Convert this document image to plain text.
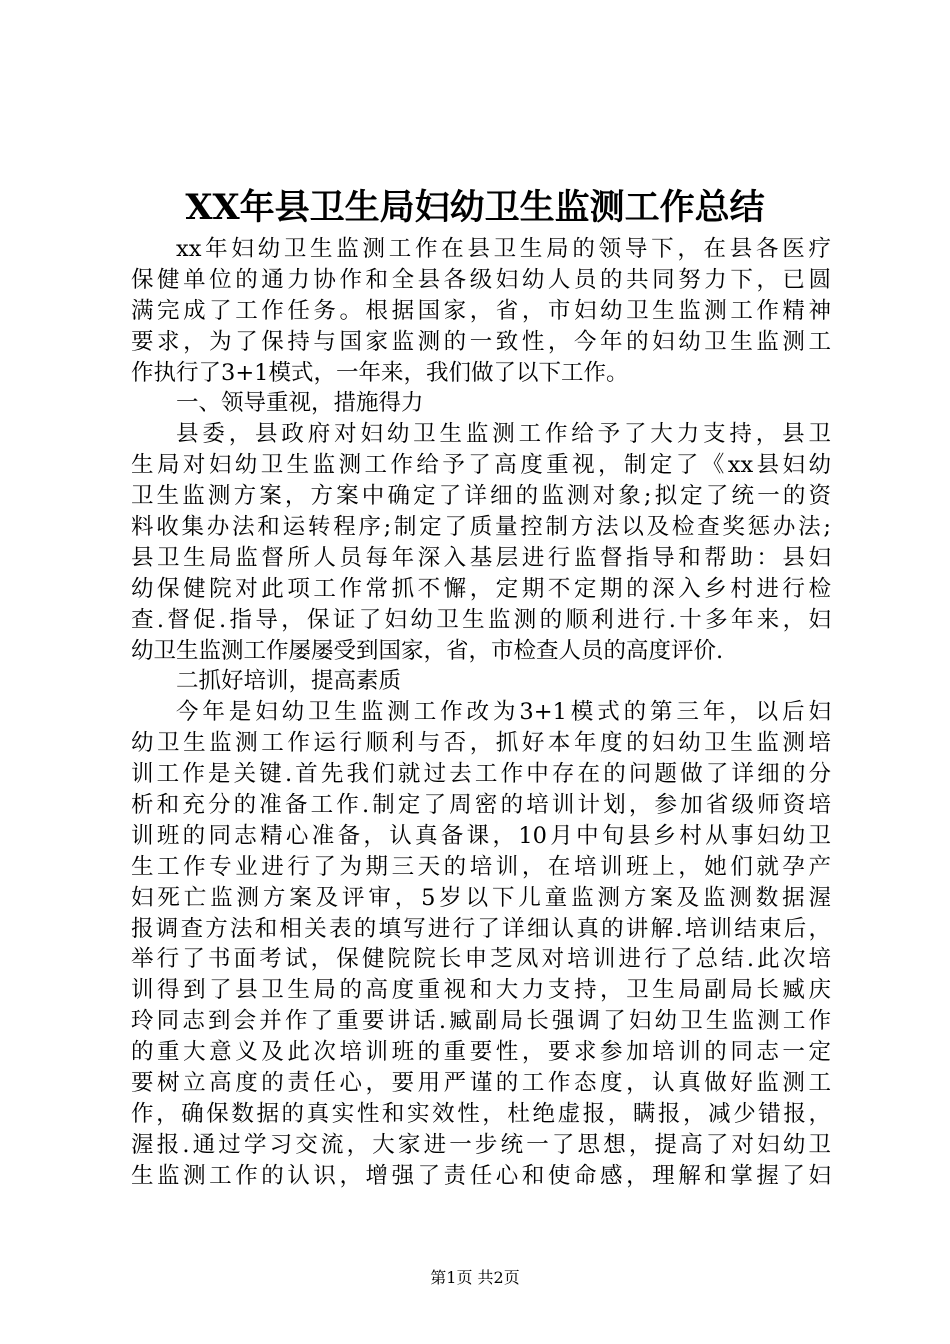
XX年县卫生局妇幼卫生监测工作总结
xx年妇幼卫生监测工作在县卫生局的领导下，在县各医疗
保健单位的通力协作和全县各级妇幼人员的共同努力下，已圆
满完成了工作任务。根据国家，省，市妇幼卫生监测工作精神
要求，为了保持与国家监测的一致性，今年的妇幼卫生监测工
作执行了3+1模式，一年来，我们做了以下工作。
一、领导重视，措施得力
县委，县政府对妇幼卫生监测工作给予了大力支持，县卫
生局对妇幼卫生监测工作给予了高度重视，制定了《xx县妇幼
卫生监测方案，方案中确定了详细的监测对象;拟定了统一的资
料收集办法和运转程序;制定了质量控制方法以及检查奖惩办法;
县卫生局监督所人员每年深入基层进行监督指导和帮助：县妇
幼保健院对此项工作常抓不懈，定期不定期的深入乡村进行检
查.督促.指导，保证了妇幼卫生监测的顺利进行.十多年来，妇
幼卫生监测工作屡屡受到国家，省，市检查人员的高度评价.
二抓好培训，提高素质
今年是妇幼卫生监测工作改为3+1模式的第三年，以后妇
幼卫生监测工作运行顺利与否，抓好本年度的妇幼卫生监测培
训工作是关键.首先我们就过去工作中存在的问题做了详细的分
析和充分的准备工作.制定了周密的培训计划，参加省级师资培
训班的同志精心准备，认真备课，10月中旬县乡村从事妇幼卫
生工作专业进行了为期三天的培训，在培训班上，她们就孕产
妇死亡监测方案及评审，5岁以下儿童监测方案及监测数据渥
报调查方法和相关表的填写进行了详细认真的讲解.培训结束后，
举行了书面考试，保健院院长申芝凤对培训进行了总结.此次培
训得到了县卫生局的高度重视和大力支持，卫生局副局长臧庆
玲同志到会并作了重要讲话.臧副局长强调了妇幼卫生监测工作
的重大意义及此次培训班的重要性，要求参加培训的同志一定
要树立高度的责任心，要用严谨的工作态度，认真做好监测工
作，确保数据的真实性和实效性，杜绝虚报，瞒报，减少错报，
渥报.通过学习交流，大家进一步统一了思想，提高了对妇幼卫
生监测工作的认识，增强了责任心和使命感，理解和掌握了妇
第1页 共2页
